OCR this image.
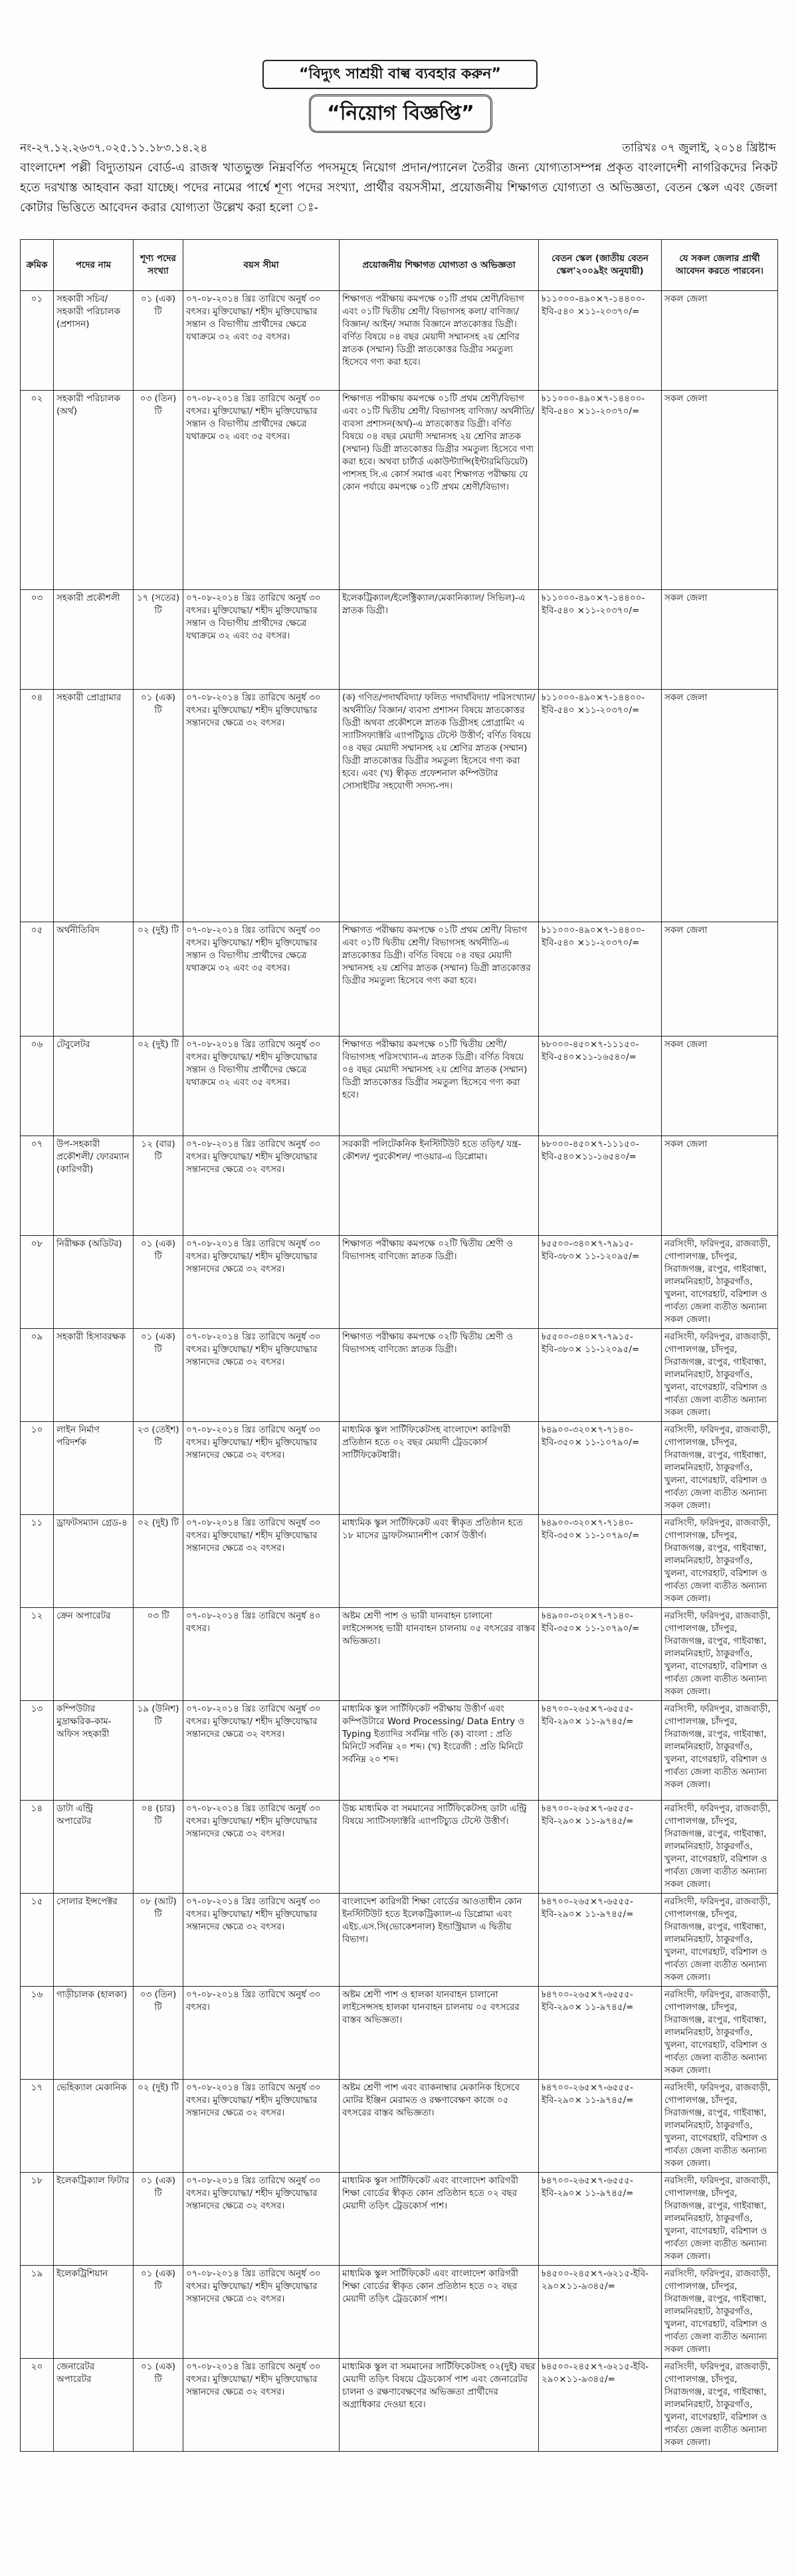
“বিদ্যুৎ সাশ্রয়ী বাল্ব ব্যবহার করুন”
“নিয়োগ বিজ্ঞপ্তি”
নং-২৭.১২.২৬৩৭.০২৫.১১.১৮৩.১৪.২৪	তারিখঃ ০৭ জুলাই, ২০১৪ খ্রিষ্টাব্দ
বাংলাদেশ পল্লী বিদ্যুতায়ন বোর্ড-এ রাজস্ব খাতভুক্ত নিম্নবর্ণিত পদসমূহে নিয়োগ প্রদান/প্যানেল তৈরীর জন্য যোগ্যতাসম্পন্ন প্রকৃত বাংলাদেশী নাগরিকদের নিকট হতে দরখাস্ত আহবান করা যাচ্ছে। পদের নামের পার্শ্বে শূণ্য পদের সংখ্যা, প্রার্থীর বয়সসীমা, প্রয়োজনীয় শিক্ষাগত যোগ্যতা ও অভিজ্ঞতা, বেতন স্কেল এবং জেলা কোটার ভিত্তিতে আবেদন করার যোগ্যতা উল্লেখ করা হলো ঃ-
ক্রমিক	পদের নাম	শূণ্য পদের সংখ্যা	বয়স সীমা	প্রয়োজনীয় শিক্ষাগত যোগ্যতা ও অভিজ্ঞতা	বেতন স্কেল (জাতীয় বেতন স্কেল'২০০৯ইং অনুযায়ী)	যে সকল জেলার প্রার্থী আবেদন করতে পারবেন।
০১	সহকারী সচিব/ সহকারী পরিচালক (প্রশাসন)	০১ (এক) টি	০৭-০৮-২০১৪ খ্রিঃ তারিখে অনুর্ধ ৩০ বৎসর। মুক্তিযোদ্ধা/ শহীদ মুক্তিযোদ্ধার সন্তান ও বিভাগীয় প্রার্থীদের ক্ষেত্রে যথাক্রমে ৩২ এবং ৩৫ বৎসর।	শিক্ষাগত পরীক্ষায় কমপক্ষে ০১টি প্রথম শ্রেণী/বিভাগ এবং ০১টি দ্বিতীয় শ্রেণী/ বিভাগসহ কলা/ বাণিজ্য/ বিজ্ঞান/ আইন/ সমাজ বিজ্ঞানে স্নাতকোত্তর ডিগ্রী। বর্ণিত বিষয়ে ০৪ বছর মেয়াদী সম্মানসহ ২য় শ্রেণির স্নাতক (সম্মান) ডিগ্রী স্নাতকোত্তর ডিগ্রীর সমতুল্য হিসেবে গণ্য করা হবে।	৳১১০০০-৪৯০×৭-১৪৪০০-ইবি-৫৪০ ×১১-২০৩৭০/=	সকল জেলা
০২	সহকারী পরিচালক (অর্থ)	০৩ (তিন) টি	০৭-০৮-২০১৪ খ্রিঃ তারিখে অনুর্ধ ৩০ বৎসর। মুক্তিযোদ্ধা/ শহীদ মুক্তিযোদ্ধার সন্তান ও বিভাগীয় প্রার্থীদের ক্ষেত্রে যথাক্রমে ৩২ এবং ৩৫ বৎসর।	শিক্ষাগত পরীক্ষায় কমপক্ষে ০১টি প্রথম শ্রেণী/বিভাগ এবং ০১টি দ্বিতীয় শ্রেণী/ বিভাগসহ বাণিজ্য/ অর্থনীতি/ ব্যবসা প্রশাসন(অর্থ)-এ স্নাতকোত্তর ডিগ্রী। বর্ণিত বিষয়ে ০৪ বছর মেয়াদী সম্মানসহ ২য় শ্রেণির স্নাতক (সম্মান) ডিগ্রী স্নাতকোত্তর ডিগ্রীর সমতুল্য হিসেবে গণ্য করা হবে। অথবা চার্টার্ড একাউন্ট্যান্সি(ইন্টারমিডিয়েট) পাশসহ সি.এ কোর্স সমাপ্ত এবং শিক্ষাগত পরীক্ষায় যে কোন পর্যায়ে কমপক্ষে ০১টি প্রথম শ্রেণী/বিভাগ।	৳১১০০০-৪৯০×৭-১৪৪০০-ইবি-৫৪০ ×১১-২০৩৭০/=	সকল জেলা
০৩	সহকারী প্রকৌশলী	১৭ (সতের) টি	০৭-০৮-২০১৪ খ্রিঃ তারিখে অনুর্ধ ৩০ বৎসর। মুক্তিযোদ্ধা/ শহীদ মুক্তিযোদ্ধার সন্তান ও বিভাগীয় প্রার্থীদের ক্ষেত্রে যথাক্রমে ৩২ এবং ৩৫ বৎসর।	ইলেকট্রিক্যাল/ইলেক্ট্রিক্যাল/মেকানিক্যাল/ সিভিল)-এ স্নাতক ডিগ্রী।	৳১১০০০-৪৯০×৭-১৪৪০০-ইবি-৫৪০ ×১১-২০৩৭০/=	সকল জেলা
০৪	সহকারী প্রোগ্রামার	০১ (এক) টি	০৭-০৮-২০১৪ খ্রিঃ তারিখে অনুর্ধ ৩০ বৎসর। মুক্তিযোদ্ধা/ শহীদ মুক্তিযোদ্ধার সন্তানদের ক্ষেত্রে ৩২ বৎসর।	(ক) গণিত/পদার্থবিদ্যা/ ফলিত পদার্থবিদ্যা/ পরিসংখ্যান/ অর্থনীতি/ বিজ্ঞান/ ব্যবসা প্রশাসন বিষয়ে স্নাতকোত্তর ডিগ্রী অথবা প্রকৌশলে স্নাতক ডিগ্রীসহ প্রোগ্রামিং এ স্যাটিসফ্যাক্টরি এ্যাপটিচ্যুড টেস্টে উত্তীর্ণ; বর্ণিত বিষয়ে ০৪ বছর মেয়াদী সম্মানসহ ২য় শ্রেণির স্নাতক (সম্মান) ডিগ্রী স্নাতকোত্তর ডিগ্রীর সমতুল্য হিসেবে গণ্য করা হবে। এবং (খ) স্বীকৃত প্রফেশনাল কম্পিউটার সোসাইটির সহযোগী সদস্য-পদ।	৳১১০০০-৪৯০×৭-১৪৪০০-ইবি-৫৪০ ×১১-২০৩৭০/=	সকল জেলা
০৫	অর্থনীতিবিদ	০২ (দুই) টি	০৭-০৮-২০১৪ খ্রিঃ তারিখে অনুর্ধ ৩০ বৎসর। মুক্তিযোদ্ধা/ শহীদ মুক্তিযোদ্ধার সন্তান ও বিভাগীয় প্রার্থীদের ক্ষেত্রে যথাক্রমে ৩২ এবং ৩৫ বৎসর।	শিক্ষাগত পরীক্ষায় কমপক্ষে ০১টি প্রথম শ্রেণী/ বিভাগ এবং ০১টি দ্বিতীয় শ্রেণী/ বিভাগসহ অর্থনীতি-এ স্নাতকোত্তর ডিগ্রী। বর্ণিত বিষয়ে ০৪ বছর মেয়াদী সম্মানসহ ২য় শ্রেণির স্নাতক (সম্মান) ডিগ্রী স্নাতকোত্তর ডিগ্রীর সমতুল্য হিসেবে গণ্য করা হবে।	৳১১০০০-৪৯০×৭-১৪৪০০-ইবি-৫৪০ ×১১-২০৩৭০/=	সকল জেলা
০৬	টেবুলেটর	০২ (দুই) টি	০৭-০৮-২০১৪ খ্রিঃ তারিখে অনুর্ধ ৩০ বৎসর। মুক্তিযোদ্ধা/ শহীদ মুক্তিযোদ্ধার সন্তান ও বিভাগীয় প্রার্থীদের ক্ষেত্রে যথাক্রমে ৩২ এবং ৩৫ বৎসর।	শিক্ষাগত পরীক্ষায় কমপক্ষে ০১টি দ্বিতীয় শ্রেণী/ বিভাগসহ পরিসংখ্যান-এ স্নাতক ডিগ্রী। বর্ণিত বিষয়ে ০৪ বছর মেয়াদী সম্মানসহ ২য় শ্রেণির স্নাতক (সম্মান) ডিগ্রী স্নাতকোত্তর ডিগ্রীর সমতুল্য হিসেবে গণ্য করা হবে।	৳৮০০০-৪৫০×৭-১১১৫০-ইবি-৫৪০×১১-১৬৫৪০/=	সকল জেলা
০৭	উপ-সহকারী প্রকৌশলী/ ফোরম্যান (কারিগরী)	১২ (বার) টি	০৭-০৮-২০১৪ খ্রিঃ তারিখে অনুর্ধ ৩০ বৎসর। মুক্তিযোদ্ধা/ শহীদ মুক্তিযোদ্ধার সন্তানদের ক্ষেত্রে ৩২ বৎসর।	সরকারী পলিটেকনিক ইনস্টিটিউট হতে তড়িৎ/ যন্ত্র-কৌশল/ পুরকৌশল/ পাওয়ার-এ ডিপ্লোমা।	৳৮০০০-৪৫০×৭-১১১৫০-ইবি-৫৪০×১১-১৬৫৪০/=	সকল জেলা
০৮	নিরীক্ষক (অডিটর)	০১ (এক) টি	০৭-০৮-২০১৪ খ্রিঃ তারিখে অনুর্ধ ৩০ বৎসর। মুক্তিযোদ্ধা/ শহীদ মুক্তিযোদ্ধার সন্তানদের ক্ষেত্রে ৩২ বৎসর।	শিক্ষাগত পরীক্ষায় কমপক্ষে ০২টি দ্বিতীয় শ্রেণী ও বিভাগসহ বাণিজ্যে স্নাতক ডিগ্রী।	৳৫৫০০-৩৪০×৭-৭৯১৫-ইবি-৩৮০× ১১-১২০৯৫/=	নরসিংদী, ফরিদপুর, রাজবাড়ী, গোপালগঞ্জ, চাঁদপুর, সিরাজগঞ্জ, রংপুর, গাইবান্ধা, লালমনিরহাট, ঠাকুরগাঁও, খুলনা, বাগেরহাট, বরিশাল ও পার্বত্য জেলা ব্যতীত অন্যান্য সকল জেলা।
০৯	সহকারী হিসাবরক্ষক	০১ (এক) টি	০৭-০৮-২০১৪ খ্রিঃ তারিখে অনুর্ধ ৩০ বৎসর। মুক্তিযোদ্ধা/ শহীদ মুক্তিযোদ্ধার সন্তানদের ক্ষেত্রে ৩২ বৎসর।	শিক্ষাগত পরীক্ষায় কমপক্ষে ০২টি দ্বিতীয় শ্রেণী ও বিভাগসহ বাণিজ্যে স্নাতক ডিগ্রী।	৳৫৫০০-৩৪০×৭-৭৯১৫-ইবি-৩৮০× ১১-১২০৯৫/=	নরসিংদী, ফরিদপুর, রাজবাড়ী, গোপালগঞ্জ, চাঁদপুর, সিরাজগঞ্জ, রংপুর, গাইবান্ধা, লালমনিরহাট, ঠাকুরগাঁও, খুলনা, বাগেরহাট, বরিশাল ও পার্বত্য জেলা ব্যতীত অন্যান্য সকল জেলা।
১০	লাইন নির্মাণ পরিদর্শক	২৩ (তেইশ) টি	০৭-০৮-২০১৪ খ্রিঃ তারিখে অনুর্ধ ৩০ বৎসর। মুক্তিযোদ্ধা/ শহীদ মুক্তিযোদ্ধার সন্তানদের ক্ষেত্রে ৩২ বৎসর।	মাধ্যমিক স্কুল সার্টিফিকেটসহ বাংলাদেশ কারিগরী প্রতিষ্ঠান হতে ০২ বছর মেয়াদী ট্রেডকোর্স সার্টিফিকেটধারী।	৳৪৯০০-৩২০×৭-৭১৪০-ইবি-৩৫০× ১১-১০৭৯০/=	নরসিংদী, ফরিদপুর, রাজবাড়ী, গোপালগঞ্জ, চাঁদপুর, সিরাজগঞ্জ, রংপুর, গাইবান্ধা, লালমনিরহাট, ঠাকুরগাঁও, খুলনা, বাগেরহাট, বরিশাল ও পার্বত্য জেলা ব্যতীত অন্যান্য সকল জেলা।
১১	ড্রাফটসম্যান গ্রেড-৪	০২ (দুই) টি	০৭-০৮-২০১৪ খ্রিঃ তারিখে অনুর্ধ ৩০ বৎসর। মুক্তিযোদ্ধা/ শহীদ মুক্তিযোদ্ধার সন্তানদের ক্ষেত্রে ৩২ বৎসর।	মাধ্যমিক স্কুল সার্টিফিকেট এবং স্বীকৃত প্রতিষ্ঠান হতে ১৮ মাসের ড্রাফটসম্যানশীপ কোর্স উত্তীর্ণ।	৳৪৯০০-৩২০×৭-৭১৪০-ইবি-৩৫০× ১১-১০৭৯০/=	নরসিংদী, ফরিদপুর, রাজবাড়ী, গোপালগঞ্জ, চাঁদপুর, সিরাজগঞ্জ, রংপুর, গাইবান্ধা, লালমনিরহাট, ঠাকুরগাঁও, খুলনা, বাগেরহাট, বরিশাল ও পার্বত্য জেলা ব্যতীত অন্যান্য সকল জেলা।
১২	ক্রেন অপারেটর	০৩ টি	০৭-০৮-২০১৪ খ্রিঃ তারিখে অনুর্ধ ৪০ বৎসর।	অষ্টম শ্রেণী পাশ ও ভারী যানবাহন চালানো লাইসেন্সসহ ভারী যানবাহন চালনায় ০৫ বৎসরের বাস্তব অভিজ্ঞতা।	৳৪৯০০-৩২০×৭-৭১৪০-ইবি-৩৫০× ১১-১০৭৯০/=	নরসিংদী, ফরিদপুর, রাজবাড়ী, গোপালগঞ্জ, চাঁদপুর, সিরাজগঞ্জ, রংপুর, গাইবান্ধা, লালমনিরহাট, ঠাকুরগাঁও, খুলনা, বাগেরহাট, বরিশাল ও পার্বত্য জেলা ব্যতীত অন্যান্য সকল জেলা।
১৩	কম্পিউটার মুদ্রাক্ষরিক-কাম-অফিস সহকারী	১৯ (উনিশ) টি	০৭-০৮-২০১৪ খ্রিঃ তারিখে অনুর্ধ ৩০ বৎসর। মুক্তিযোদ্ধা/ শহীদ মুক্তিযোদ্ধার সন্তানদের ক্ষেত্রে ৩২ বৎসর।	মাধ্যমিক স্কুল সার্টিফিকেট পরীক্ষায় উত্তীর্ণ এবং কম্পিউটারে Word Processing/ Data Entry ও Typing ইত্যাদির সর্বনিম্ন গতি (ক) বাংলা : প্রতি মিনিটে সর্বনিম্ন ২০ শব্দ। (খ) ইংরেজী : প্রতি মিনিটে সর্বনিম্ন ২০ শব্দ।	৳৪৭০০-২৬৫×৭-৬৫৫৫-ইবি-২৯০× ১১-৯৭৪৫/=	নরসিংদী, ফরিদপুর, রাজবাড়ী, গোপালগঞ্জ, চাঁদপুর, সিরাজগঞ্জ, রংপুর, গাইবান্ধা, লালমনিরহাট, ঠাকুরগাঁও, খুলনা, বাগেরহাট, বরিশাল ও পার্বত্য জেলা ব্যতীত অন্যান্য সকল জেলা।
১৪	ডাটা এন্ট্রি অপারেটর	০৪ (চার) টি	০৭-০৮-২০১৪ খ্রিঃ তারিখে অনুর্ধ ৩০ বৎসর। মুক্তিযোদ্ধা/ শহীদ মুক্তিযোদ্ধার সন্তানদের ক্ষেত্রে ৩২ বৎসর।	উচ্চ মাধ্যমিক বা সমমানের সার্টিফিকেটসহ ডাটা এন্ট্রি বিষয়ে স্যাটিসফ্যাক্টরি এ্যাপটিচ্যুড টেস্টে উত্তীর্ণ।	৳৪৭০০-২৬৫×৭-৬৫৫৫-ইবি-২৯০× ১১-৯৭৪৫/=	নরসিংদী, ফরিদপুর, রাজবাড়ী, গোপালগঞ্জ, চাঁদপুর, সিরাজগঞ্জ, রংপুর, গাইবান্ধা, লালমনিরহাট, ঠাকুরগাঁও, খুলনা, বাগেরহাট, বরিশাল ও পার্বত্য জেলা ব্যতীত অন্যান্য সকল জেলা।
১৫	সোলার ইন্সপেক্টর	০৮ (আট) টি	০৭-০৮-২০১৪ খ্রিঃ তারিখে অনুর্ধ ৩০ বৎসর। মুক্তিযোদ্ধা/ শহীদ মুক্তিযোদ্ধার সন্তানদের ক্ষেত্রে ৩২ বৎসর।	বাংলাদেশ কারিগরী শিক্ষা বোর্ডের আওতাধীন কোন ইনস্টিটিউট হতে ইলেকট্রিক্যাল-এ ডিপ্লোমা এবং এইচ.এস.সি(ভোকেশনাল) ইন্ডাস্ট্রিয়াল এ দ্বিতীয় বিভাগ।	৳৪৭০০-২৬৫×৭-৬৫৫৫-ইবি-২৯০× ১১-৯৭৪৫/=	নরসিংদী, ফরিদপুর, রাজবাড়ী, গোপালগঞ্জ, চাঁদপুর, সিরাজগঞ্জ, রংপুর, গাইবান্ধা, লালমনিরহাট, ঠাকুরগাঁও, খুলনা, বাগেরহাট, বরিশাল ও পার্বত্য জেলা ব্যতীত অন্যান্য সকল জেলা।
১৬	গাড়ীচালক (হালকা)	০৩ (তিন) টি	০৭-০৮-২০১৪ খ্রিঃ তারিখে অনুর্ধ ৩০ বৎসর।	অষ্টম শ্রেণী পাশ ও হালকা যানবাহন চালানো লাইসেন্সসহ হালকা যানবাহন চালনায় ০৫ বৎসরের বাস্তব অভিজ্ঞতা।	৳৪৭০০-২৬৫×৭-৬৫৫৫-ইবি-২৯০× ১১-৯৭৪৫/=	নরসিংদী, ফরিদপুর, রাজবাড়ী, গোপালগঞ্জ, চাঁদপুর, সিরাজগঞ্জ, রংপুর, গাইবান্ধা, লালমনিরহাট, ঠাকুরগাঁও, খুলনা, বাগেরহাট, বরিশাল ও পার্বত্য জেলা ব্যতীত অন্যান্য সকল জেলা।
১৭	ভেহিক্যাল মেকানিক	০২ (দুই) টি	০৭-০৮-২০১৪ খ্রিঃ তারিখে অনুর্ধ ৩০ বৎসর। মুক্তিযোদ্ধা/ শহীদ মুক্তিযোদ্ধার সন্তানদের ক্ষেত্রে ৩২ বৎসর।	অষ্টম শ্রেণী পাশ এবং ব্যাকনাম্বার মেকানিক হিসেবে মোটর ইঞ্জিন মেরামত ও রক্ষণাবেক্ষণ কাজে ০৫ বৎসরের বাস্তব অভিজ্ঞতা।	৳৪৭০০-২৬৫×৭-৬৫৫৫-ইবি-২৯০× ১১-৯৭৪৫/=	নরসিংদী, ফরিদপুর, রাজবাড়ী, গোপালগঞ্জ, চাঁদপুর, সিরাজগঞ্জ, রংপুর, গাইবান্ধা, লালমনিরহাট, ঠাকুরগাঁও, খুলনা, বাগেরহাট, বরিশাল ও পার্বত্য জেলা ব্যতীত অন্যান্য সকল জেলা।
১৮	ইলেকট্রিক্যাল ফিটার	০১ (এক) টি	০৭-০৮-২০১৪ খ্রিঃ তারিখে অনুর্ধ ৩০ বৎসর। মুক্তিযোদ্ধা/ শহীদ মুক্তিযোদ্ধার সন্তানদের ক্ষেত্রে ৩২ বৎসর।	মাধ্যমিক স্কুল সার্টিফিকেট এবং বাংলাদেশ কারিগরী শিক্ষা বোর্ডের স্বীকৃত কোন প্রতিষ্ঠান হতে ০২ বছর মেয়াদী তড়িৎ ট্রেডকোর্স পাশ।	৳৪৭০০-২৬৫×৭-৬৫৫৫-ইবি-২৯০× ১১-৯৭৪৫/=	নরসিংদী, ফরিদপুর, রাজবাড়ী, গোপালগঞ্জ, চাঁদপুর, সিরাজগঞ্জ, রংপুর, গাইবান্ধা, লালমনিরহাট, ঠাকুরগাঁও, খুলনা, বাগেরহাট, বরিশাল ও পার্বত্য জেলা ব্যতীত অন্যান্য সকল জেলা।
১৯	ইলেকট্রিশিয়ান	০১ (এক) টি	০৭-০৮-২০১৪ খ্রিঃ তারিখে অনুর্ধ ৩০ বৎসর। মুক্তিযোদ্ধা/ শহীদ মুক্তিযোদ্ধার সন্তানদের ক্ষেত্রে ৩২ বৎসর।	মাধ্যমিক স্কুল সার্টিফিকেট এবং বাংলাদেশ কারিগরী শিক্ষা বোর্ডের স্বীকৃত কোন প্রতিষ্ঠান হতে ০২ বছর মেয়াদী তড়িৎ ট্রেডকোর্স পাশ।	৳৪৫০০-২৪৫×৭-৬২১৫-ইবি- ২৯০×১১-৯৩৪৫/=	নরসিংদী, ফরিদপুর, রাজবাড়ী, গোপালগঞ্জ, চাঁদপুর, সিরাজগঞ্জ, রংপুর, গাইবান্ধা, লালমনিরহাট, ঠাকুরগাঁও, খুলনা, বাগেরহাট, বরিশাল ও পার্বত্য জেলা ব্যতীত অন্যান্য সকল জেলা।
২০	জেনারেটর অপারেটর	০১ (এক) টি	০৭-০৮-২০১৪ খ্রিঃ তারিখে অনুর্ধ ৩০ বৎসর। মুক্তিযোদ্ধা/ শহীদ মুক্তিযোদ্ধার সন্তানদের ক্ষেত্রে ৩২ বৎসর।	মাধ্যমিক স্কুল বা সমমানের সার্টিফিকেটসহ ০২(দুই) বছর মেয়াদী তড়িৎ বিষয়ে ট্রেডকোর্স পাশ এবং জেনারেটর চালনা ও রক্ষণাবেক্ষণের অভিজ্ঞতা প্রার্থীদের অগ্রাধিকার দেওয়া হবে।	৳৪৫০০-২৪৫×৭-৬২১৫-ইবি- ২৯০×১১-৯৩৪৫/=	নরসিংদী, ফরিদপুর, রাজবাড়ী, গোপালগঞ্জ, চাঁদপুর, সিরাজগঞ্জ, রংপুর, গাইবান্ধা, লালমনিরহাট, ঠাকুরগাঁও, খুলনা, বাগেরহাট, বরিশাল ও পার্বত্য জেলা ব্যতীত অন্যান্য সকল জেলা।
